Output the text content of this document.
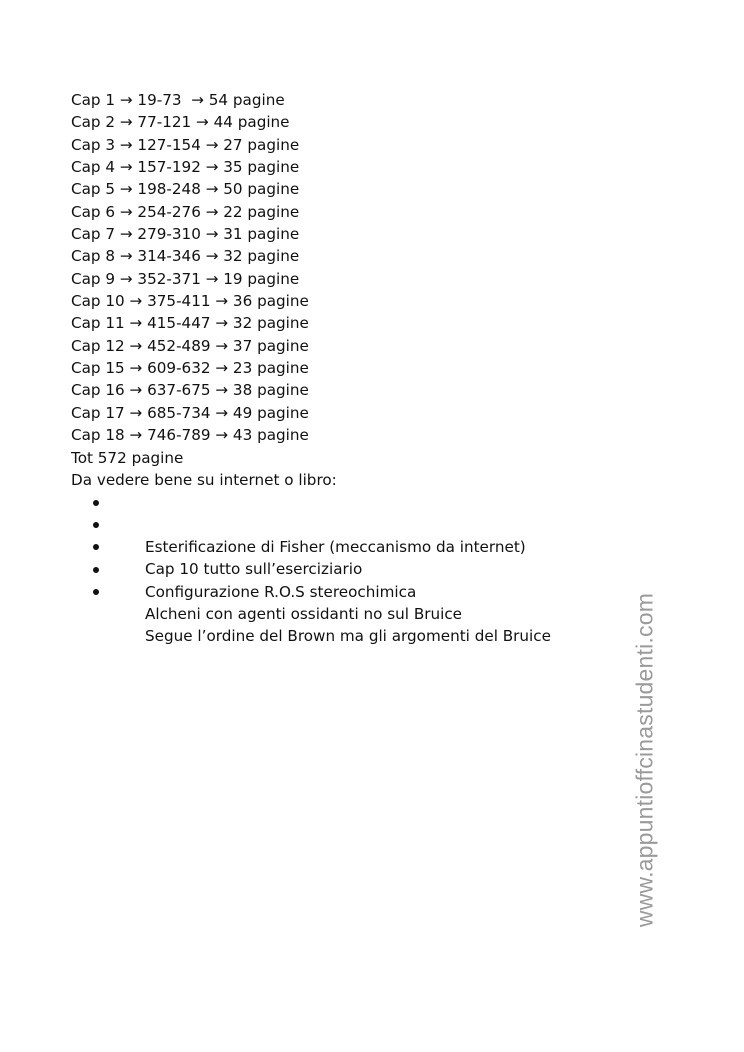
Cap 1 → 19-73  → 54 pagine
Cap 2 → 77-121 → 44 pagine
Cap 3 → 127-154 → 27 pagine
Cap 4 → 157-192 → 35 pagine
Cap 5 → 198-248 → 50 pagine
Cap 6 → 254-276 → 22 pagine
Cap 7 → 279-310 → 31 pagine
Cap 8 → 314-346 → 32 pagine
Cap 9 → 352-371 → 19 pagine
Cap 10 → 375-411 → 36 pagine
Cap 11 → 415-447 → 32 pagine
Cap 12 → 452-489 → 37 pagine
Cap 15 → 609-632 → 23 pagine
Cap 16 → 637-675 → 38 pagine
Cap 17 → 685-734 → 49 pagine
Cap 18 → 746-789 → 43 pagine
Tot 572 pagine
Da vedere bene su internet o libro:

Esterificazione di Fisher (meccanismo da internet)

Cap 10 tutto sull’eserciziario

Configurazione R.O.S stereochimica

Alcheni con agenti ossidanti no sul Bruice

Segue l’ordine del Brown ma gli argomenti del Bruice
	www.appuntioffcinastudenti.com
